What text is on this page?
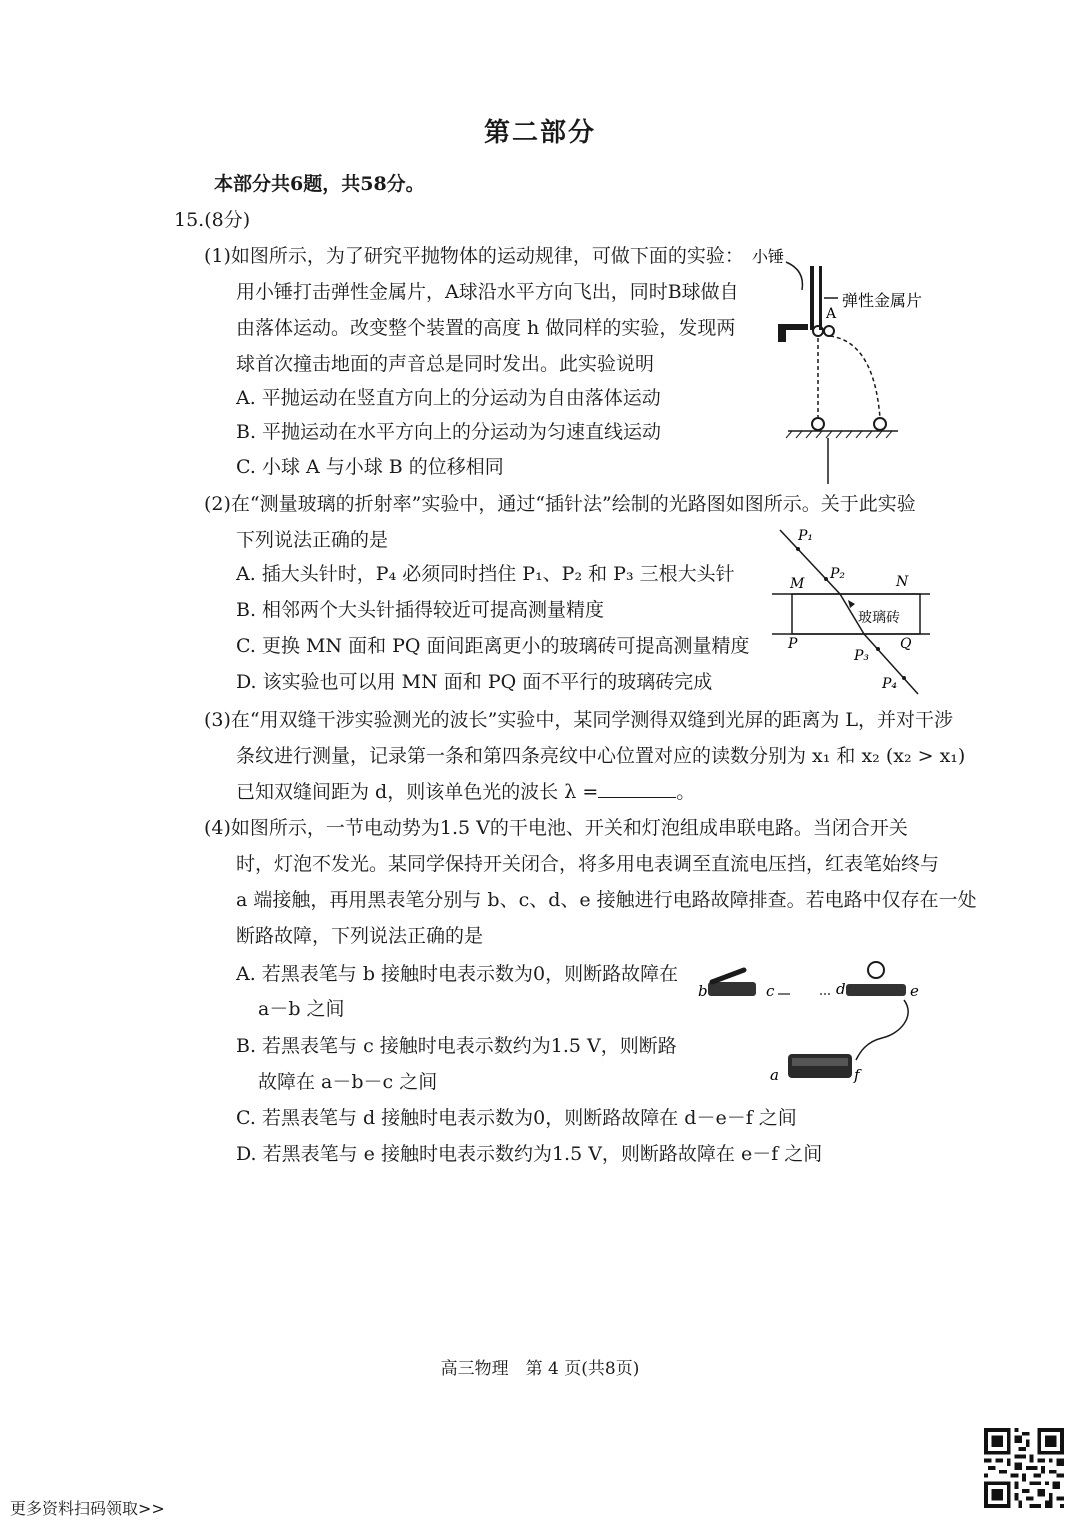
第二部分
本部分共6题，共58分。
15.(8分)
(1)如图所示，为了研究平抛物体的运动规律，可做下面的实验：
用小锤打击弹性金属片，A球沿水平方向飞出，同时B球做自
由落体运动。改变整个装置的高度 h 做同样的实验，发现两
球首次撞击地面的声音总是同时发出。此实验说明
A. 平抛运动在竖直方向上的分运动为自由落体运动
B. 平抛运动在水平方向上的分运动为匀速直线运动
C. 小球 A 与小球 B 的位移相同
小锤
弹性金属片
A
(2)在“测量玻璃的折射率”实验中，通过“插针法”绘制的光路图如图所示。关于此实验
下列说法正确的是
A. 插大头针时，P₄ 必须同时挡住 P₁、P₂ 和 P₃ 三根大头针
B. 相邻两个大头针插得较近可提高测量精度
C. 更换 MN 面和 PQ 面间距离更小的玻璃砖可提高测量精度
D. 该实验也可以用 MN 面和 PQ 面不平行的玻璃砖完成
P₁
P₂
M	N
玻璃砖
P	Q
P₃
P₄
(3)在“用双缝干涉实验测光的波长”实验中，某同学测得双缝到光屏的距离为 L，并对干涉
条纹进行测量，记录第一条和第四条亮纹中心位置对应的读数分别为 x₁ 和 x₂ (x₂ > x₁)
已知双缝间距为 d，则该单色光的波长 λ =	。
(4)如图所示，一节电动势为1.5 V的干电池、开关和灯泡组成串联电路。当闭合开关
时，灯泡不发光。某同学保持开关闭合，将多用电表调至直流电压挡，红表笔始终与
a 端接触，再用黑表笔分别与 b、c、d、e 接触进行电路故障排查。若电路中仅存在一处
断路故障，下列说法正确的是
A. 若黑表笔与 b 接触时电表示数为0，则断路故障在
a－b 之间
B. 若黑表笔与 c 接触时电表示数约为1.5 V，则断路
故障在 a－b－c 之间
C. 若黑表笔与 d 接触时电表示数为0，则断路故障在 d－e－f 之间
D. 若黑表笔与 e 接触时电表示数约为1.5 V，则断路故障在 e－f 之间
b	c	d	e
a	f
高三物理　第 4 页(共8页)
更多资料扫码领取>>
